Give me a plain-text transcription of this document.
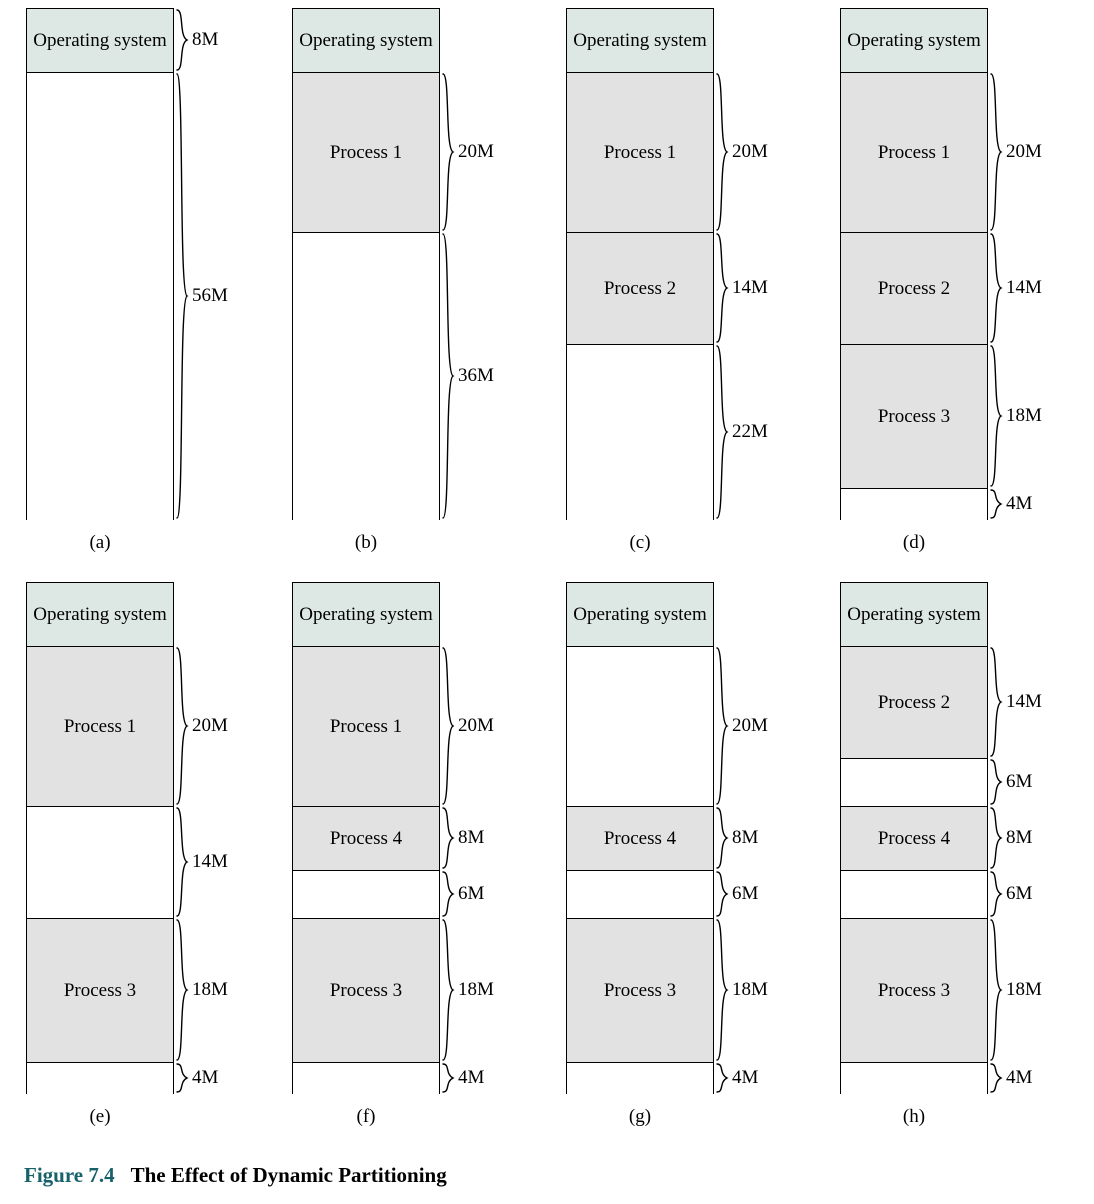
Operating system 8M
56M
(a)
Operating system
Process 1	20M
36M
(b)
Operating system
Process 1
Process 2
20M
14M
22M
(c)
Operating system
Process 1
Process 2
Process 3
20M
14M
18M
4M
(d)
Operating system
Process 1
Process 3
20M
14M
18M
4M
(e)
Operating system
Process 1
Process 4
Process 3
20M
8M
6M
18M
4M
(f)
Operating system
Process 4
Process 3
20M
8M
6M
18M
4M
(g)
Operating system
Process 2
Process 4
Process 3
14M
6M
8M
6M
18M
4M
(h)
Figure 7.4 The Effect of Dynamic Partitioning
